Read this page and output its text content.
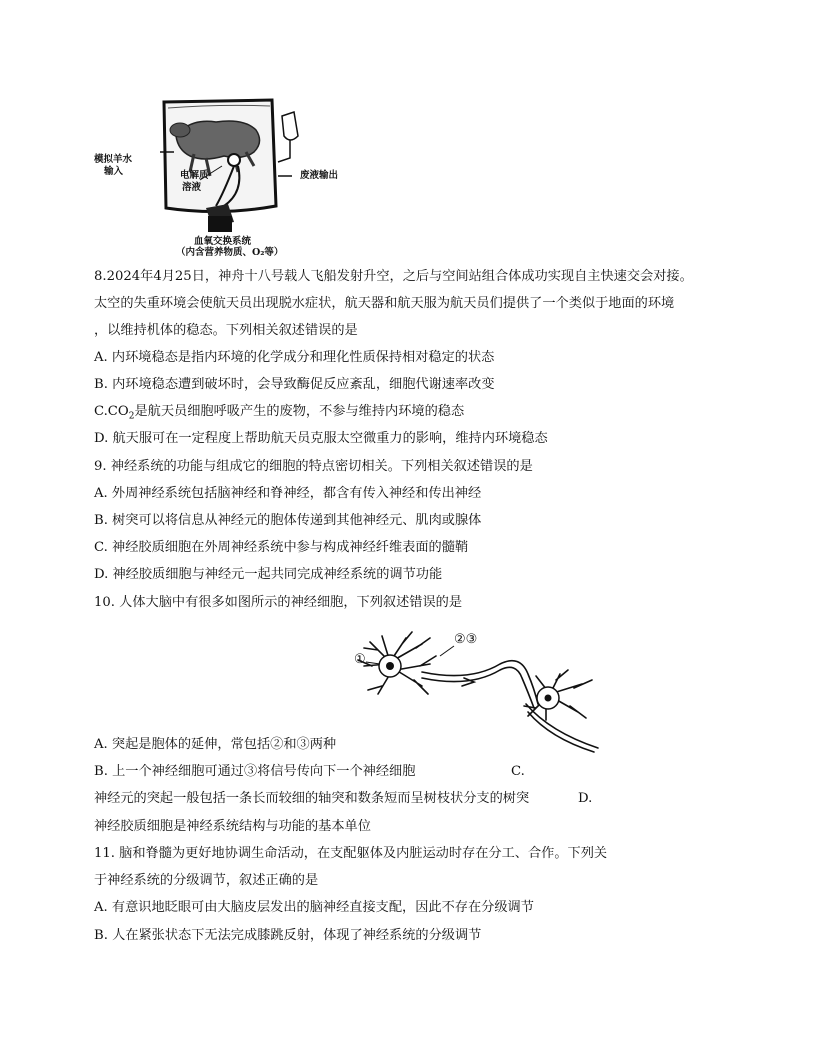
模拟羊水
输入	电解质
溶液
废液输出
血氧交换系统
（内含营养物质、O₂等）
8.2024年4月25日，神舟十八号载人飞船发射升空，之后与空间站组合体成功实现自主快速交会对接。
太空的失重环境会使航天员出现脱水症状，航天器和航天服为航天员们提供了一个类似于地面的环境
，以维持机体的稳态。下列相关叙述错误的是
A. 内环境稳态是指内环境的化学成分和理化性质保持相对稳定的状态
B. 内环境稳态遭到破坏时，会导致酶促反应紊乱，细胞代谢速率改变
$C.CO_2$是航天员细胞呼吸产生的废物，不参与维持内环境的稳态
D. 航天服可在一定程度上帮助航天员克服太空微重力的影响，维持内环境稳态
9. 神经系统的功能与组成它的细胞的特点密切相关。下列相关叙述错误的是
A. 外周神经系统包括脑神经和脊神经，都含有传入神经和传出神经
B. 树突可以将信息从神经元的胞体传递到其他神经元、肌肉或腺体
C. 神经胶质细胞在外周神经系统中参与构成神经纤维表面的髓鞘
D. 神经胶质细胞与神经元一起共同完成神经系统的调节功能
10. 人体大脑中有很多如图所示的神经细胞，下列叙述错误的是
①
②③
A. 突起是胞体的延伸，常包括②和③两种
B. 上一个神经细胞可通过③将信号传向下一个神经细胞	C.
神经元的突起一般包括一条长而较细的轴突和数条短而呈树枝状分支的树突	D.
神经胶质细胞是神经系统结构与功能的基本单位
11. 脑和脊髓为更好地协调生命活动，在支配躯体及内脏运动时存在分工、合作。下列关
于神经系统的分级调节，叙述正确的是
A. 有意识地眨眼可由大脑皮层发出的脑神经直接支配，因此不存在分级调节
B. 人在紧张状态下无法完成膝跳反射，体现了神经系统的分级调节
